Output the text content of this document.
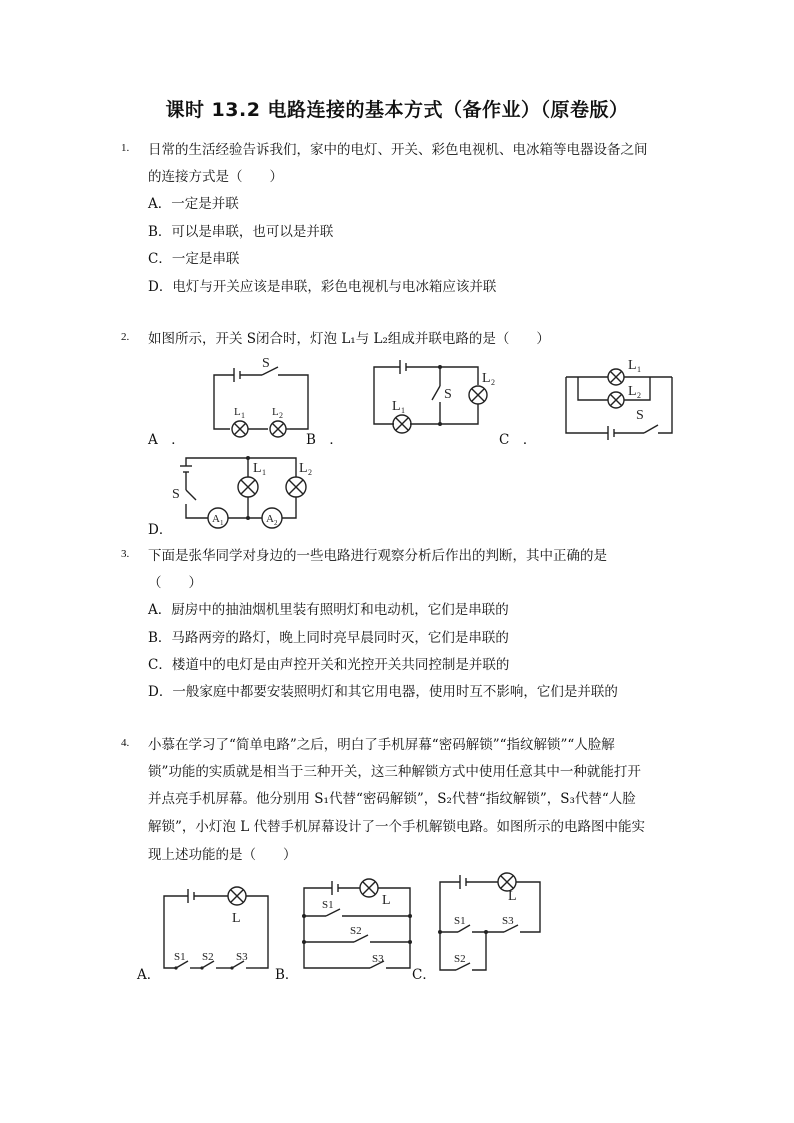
课时 13.2 电路连接的基本方式（备作业）（原卷版）
1. 日常的生活经验告诉我们，家中的电灯、开关、彩色电视机、电冰箱等电器设备之间
的连接方式是（　　）
A．一定是并联
B．可以是串联，也可以是并联
C．一定是串联
D．电灯与开关应该是串联，彩色电视机与电冰箱应该并联
2. 如图所示，开关 S闭合时，灯泡 L₁与 L₂组成并联电路的是（　　）
A　．	B　．	C　．
D．
S
L 1 L 2
S
L 2
L 1
L 1
L 2
S
S
L 1 L 2
A 1	A 2
3. 下面是张华同学对身边的一些电路进行观察分析后作出的判断，其中正确的是
（　　）
A．厨房中的抽油烟机里装有照明灯和电动机，它们是串联的
B．马路两旁的路灯，晚上同时亮早晨同时灭，它们是串联的
C．楼道中的电灯是由声控开关和光控开关共同控制是并联的
D．一般家庭中都要安装照明灯和其它用电器，使用时互不影响，它们是并联的
4. 小慕在学习了“简单电路”之后，明白了手机屏幕“密码解锁”“指纹解锁”“人脸解
锁”功能的实质就是相当于三种开关，这三种解锁方式中使用任意其中一种就能打开
并点亮手机屏幕。他分别用 S₁代替“密码解锁”，S₂代替“指纹解锁”，S₃代替“人脸
解锁”，小灯泡 L 代替手机屏幕设计了一个手机解锁电路。如图所示的电路图中能实
现上述功能的是（　　）
A．	B．	C．
L
S1 S2 S3
L
S1
S2
S3
L
S1	S3
S2
